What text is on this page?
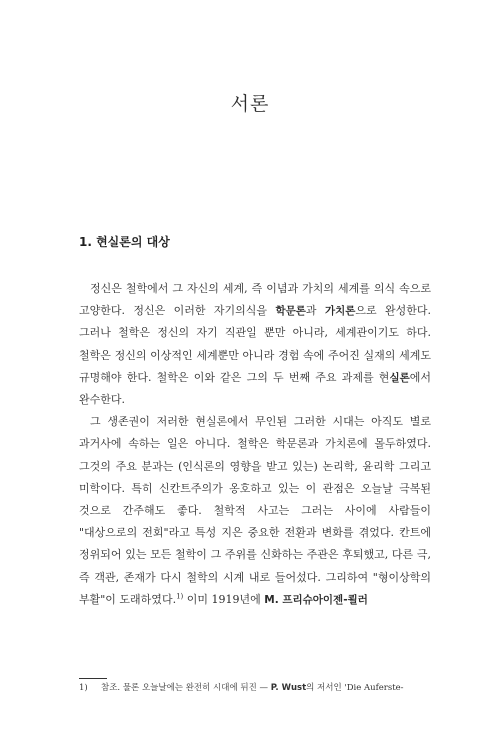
서론
1. 현실론의 대상

정신은 철학에서 그 자신의 세계, 즉 이념과 가치의 세계를 의식 속으로 고양한다. 정신은 이러한 자기의식을 학문론과 가치론으로 완성한다. 그러나 철학은 정신의 자기 직관일 뿐만 아니라, 세계관이기도 하다. 철학은 정신의 이상적인 세계뿐만 아니라 경험 속에 주어진 실재의 세계도 규명해야 한다. 철학은 이와 같은 그의 두 번째 주요 과제를 현실론에서 완수한다.

그 생존권이 저러한 현실론에서 무인된 그러한 시대는 아직도 별로 과거사에 속하는 일은 아니다. 철학은 학문론과 가치론에 몰두하였다. 그것의 주요 분과는 (인식론의 영향을 받고 있는) 논리학, 윤리학 그리고 미학이다. 특히 신칸트주의가 옹호하고 있는 이 관점은 오늘날 극복된 것으로 간주해도 좋다. 철학적 사고는 그러는 사이에 사람들이 "대상으로의 전회"라고 특성 지은 중요한 전환과 변화를 겪었다. 칸트에 정위되어 있는 모든 철학이 그 주위를 신화하는 주관은 후퇴했고, 다른 극, 즉 객관, 존재가 다시 철학의 시계 내로 들어섰다. 그리하여 "형이상학의 부활"이 도래하였다.$^{1)}$ 이미 1919년에 M. 프리슈아이젠-쾰러

1) 참조. 물론 오늘날에는 완전히 시대에 뒤진 — P. Wust의 저서인 'Die Auferste-
